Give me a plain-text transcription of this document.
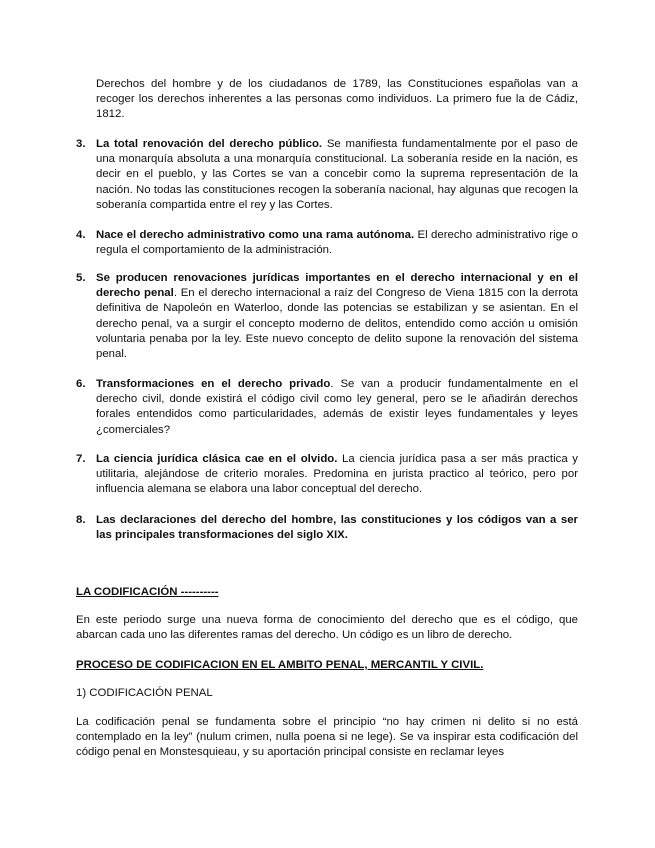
Derechos del hombre y de los ciudadanos de 1789, las Constituciones españolas van a recoger los derechos inherentes a las personas como individuos. La primero fue la de Cádiz, 1812.

3. La total renovación del derecho público. Se manifiesta fundamentalmente por el paso de una monarquía absoluta a una monarquía constitucional. La soberanía reside en la nación, es decir en el pueblo, y las Cortes se van a concebir como la suprema representación de la nación. No todas las constituciones recogen la soberanía nacional, hay algunas que recogen la soberanía compartida entre el rey y las Cortes.

4. Nace el derecho administrativo como una rama autónoma. El derecho administrativo rige o regula el comportamiento de la administración.

5. Se producen renovaciones jurídicas importantes en el derecho internacional y en el derecho penal. En el derecho internacional a raíz del Congreso de Viena 1815 con la derrota definitiva de Napoleón en Waterloo, donde las potencias se estabilizan y se asientan. En el derecho penal, va a surgir el concepto moderno de delitos, entendido como acción u omisión voluntaria penaba por la ley. Este nuevo concepto de delito supone la renovación del sistema penal.

6. Transformaciones en el derecho privado. Se van a producir fundamentalmente en el derecho civil, donde existirá el código civil como ley general, pero se le añadirán derechos forales entendidos como particularidades, además de existir leyes fundamentales y leyes ¿comerciales?

7. La ciencia jurídica clásica cae en el olvido. La ciencia jurídica pasa a ser más practica y utilitaria, alejándose de criterio morales. Predomina en jurista practico al teórico, pero por influencia alemana se elabora una labor conceptual del derecho.

8. Las declaraciones del derecho del hombre, las constituciones y los códigos van a ser las principales transformaciones del siglo XIX.

LA CODIFICACIÓN ----------

En este periodo surge una nueva forma de conocimiento del derecho que es el código, que abarcan cada uno las diferentes ramas del derecho. Un código es un libro de derecho.

PROCESO DE CODIFICACION EN EL AMBITO PENAL, MERCANTIL Y CIVIL.

1) CODIFICACIÓN PENAL

La codificación penal se fundamenta sobre el principio “no hay crimen ni delito si no está contemplado en la ley” (nulum crimen, nulla poena si ne lege). Se va inspirar esta codificación del código penal en Monstesquieau, y su aportación principal consiste en reclamar leyes
